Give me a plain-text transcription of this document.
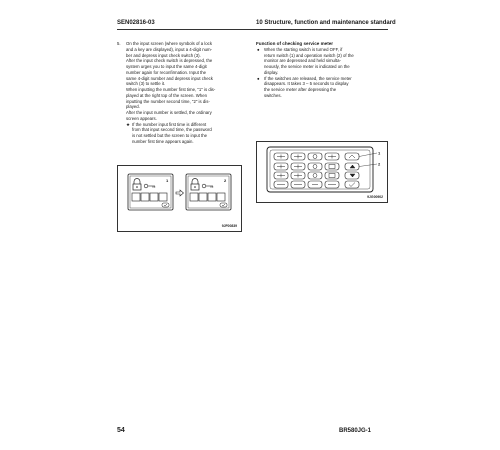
SEN02816-03	10 Structure, function and maintenance standard

5. On the input screen (where symbols of a lock
and a key are displayed), input a 4-digit num-
ber and depress input check switch (3).
After the input check switch is depressed, the
system urges you to input the same 4-digit
number again for reconfirmation. Input the
same 4-digit number and depress input check
switch (3) to settle it.
When inputting the number first time, "1" is dis-
played at the right top of the screen. When
inputting the number second time, "2" is dis-
played.
After the input number is settled, the ordinary
screen appears.

★ If the number input first time is different
from that input second time, the password
is not settled but the screen to input the
number first time appears again.

Function of checking service meter

● When the starting switch is turned OFF, if
return switch (1) and operation switch (2) of the
monitor are depressed and held simulta-
neously, the service meter is indicated on the
display.

● If the switches are released, the service meter
disappears. It takes 3 – 5 seconds to display
the service meter after depressing the
switches.

1	2
9JF00839
1
2
9JG00902
54	BR580JG-1
